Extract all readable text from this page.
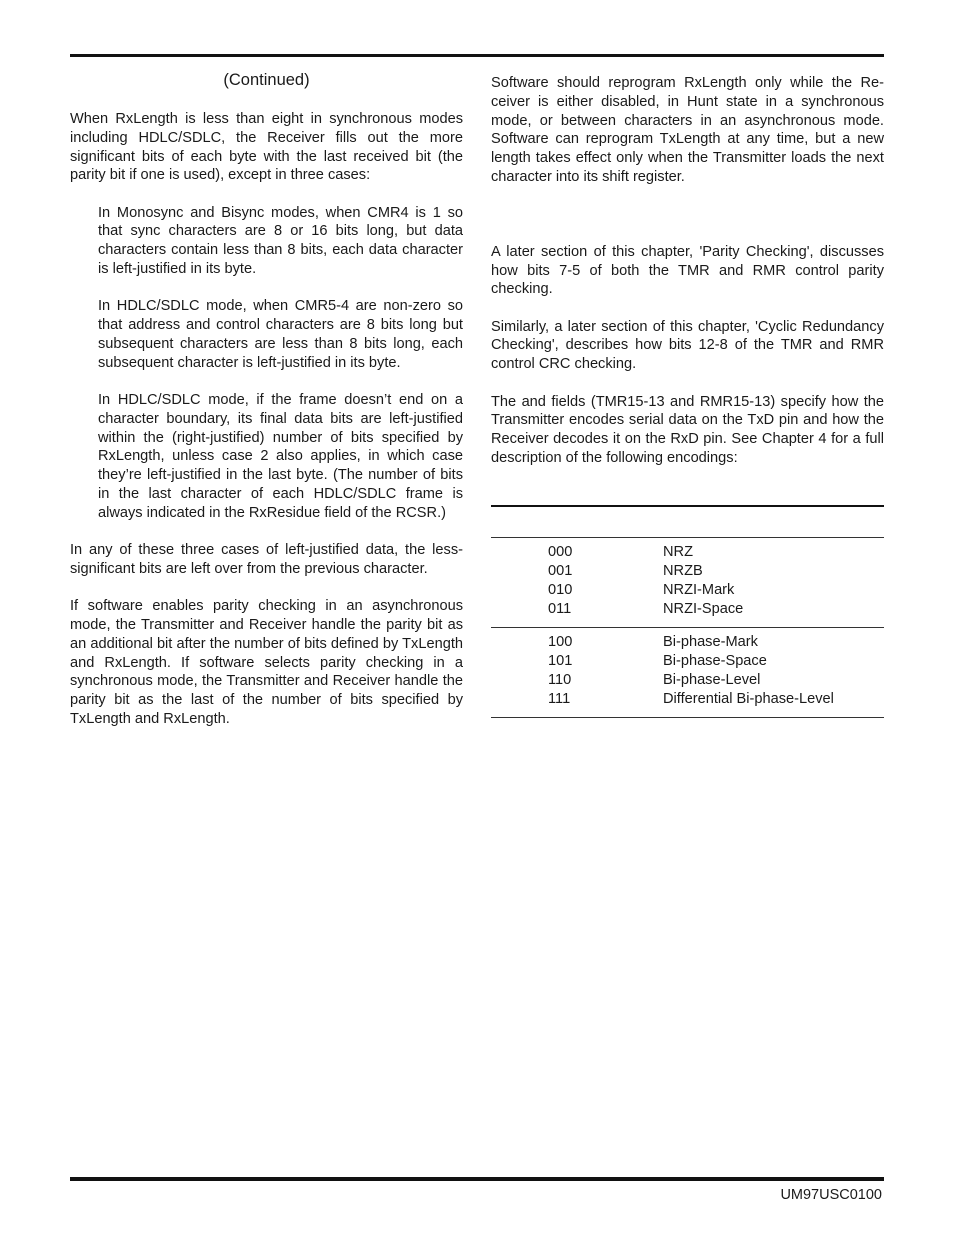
(Continued)

When RxLength is less than eight in synchronous modes including HDLC/SDLC, the Receiver fills out the more significant bits of each byte with the last received bit (the parity bit if one is used), except in three cases:

In Monosync and Bisync modes, when CMR4 is 1 so that sync characters are 8 or 16 bits long, but data characters contain less than 8 bits, each data character is left-justified in its byte.

In HDLC/SDLC mode, when CMR5-4 are non-zero so that address and control characters are 8 bits long but subsequent characters are less than 8 bits long, each subsequent character is left-justified in its byte.

In HDLC/SDLC mode, if the frame doesn’t end on a character boundary, its final data bits are left-justified within the (right-justified) number of bits specified by RxLength, unless case 2 also applies, in which case they’re left-justified in the last byte. (The number of bits in the last character of each HDLC/SDLC frame is always indicated in the RxResidue field of the RCSR.)

In any of these three cases of left-justified data, the less-significant bits are left over from the previous character.

If software enables parity checking in an asynchronous mode, the Transmitter and Receiver handle the parity bit as an additional bit after the number of bits defined by TxLength and RxLength. If software selects parity checking in a synchronous mode, the Transmitter and Receiver handle the parity bit as the last of the number of bits specified by TxLength and RxLength.

Software should reprogram RxLength only while the Receiver is either disabled, in Hunt state in a synchronous mode, or between characters in an asynchronous mode. Software can reprogram TxLength at any time, but a new length takes effect only when the Transmitter loads the next character into its shift register.

A later section of this chapter, 'Parity Checking', discusses how bits 7-5 of both the TMR and RMR control parity checking.

Similarly, a later section of this chapter, 'Cyclic Redundancy Checking', describes how bits 12-8 of the TMR and RMR control CRC checking.

The and fields (TMR15-13 and RMR15-13) specify how the Transmitter encodes serial data on the TxD pin and how the Receiver decodes it on the RxD pin. See Chapter 4 for a full description of the following encodings:

000	NRZ
001	NRZB
010	NRZI-Mark
011	NRZI-Space
100	Bi-phase-Mark
101	Bi-phase-Space
110	Bi-phase-Level
111	Differential Bi-phase-Level
UM97USC0100
